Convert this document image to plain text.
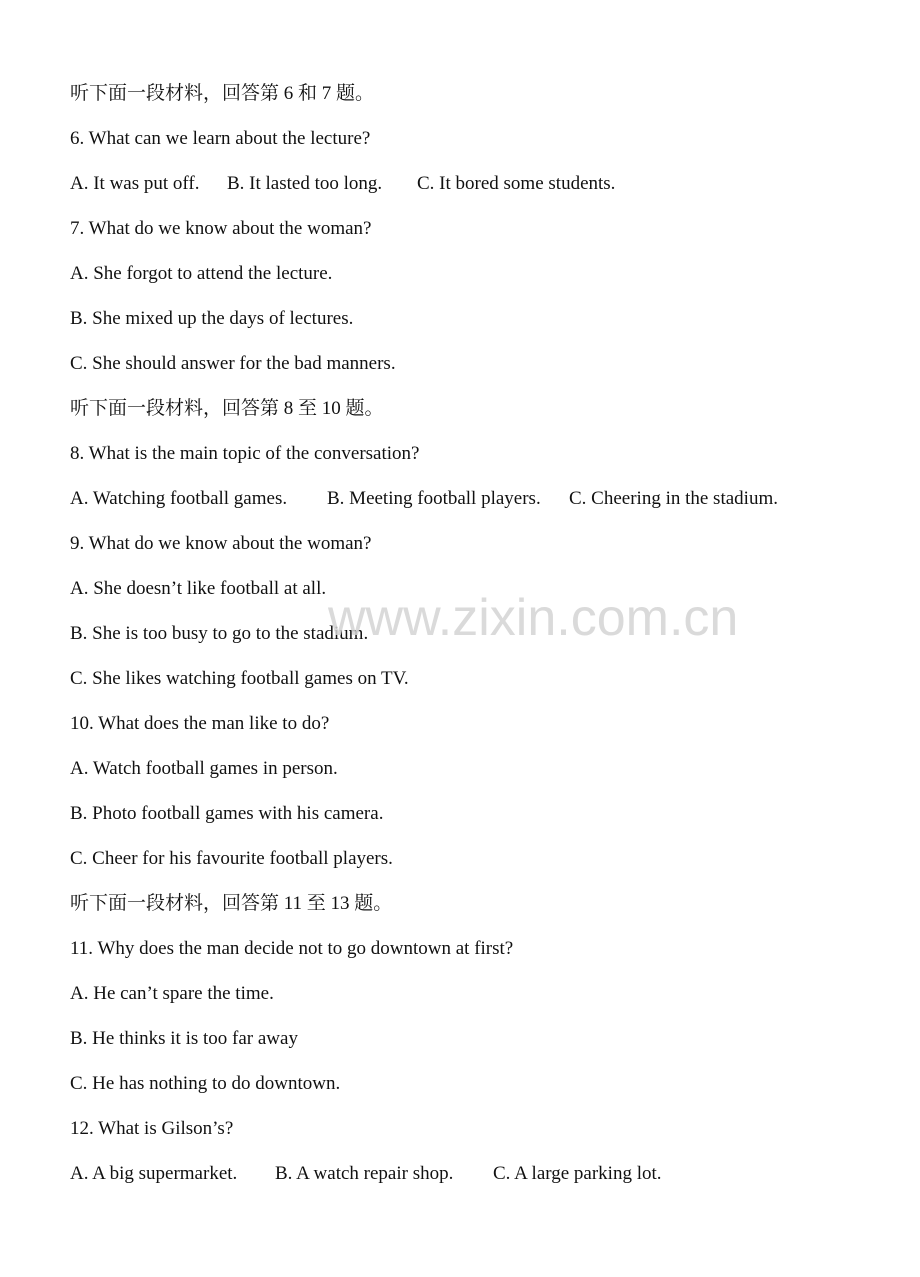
听下面一段材料，回答第 6 和 7 题。
6. What can we learn about the lecture?
A. It was put off.	B. It lasted too long.	C. It bored some students.
7. What do we know about the woman?
A. She forgot to attend the lecture.
B. She mixed up the days of lectures.
C. She should answer for the bad manners.
听下面一段材料，回答第 8 至 10 题。
8. What is the main topic of the conversation?
A. Watching football games.	B. Meeting football players.	C. Cheering in the stadium.
9. What do we know about the woman?
A. She doesn’t like football at all.
B. She is too busy to go to the stadium.
C. She likes watching football games on TV.
10. What does the man like to do?
A. Watch football games in person.
B. Photo football games with his camera.
C. Cheer for his favourite football players.
听下面一段材料，回答第 11 至 13 题。
11. Why does the man decide not to go downtown at first?
A. He can’t spare the time.
B. He thinks it is too far away
C. He has nothing to do downtown.
12. What is Gilson’s?
A. A big supermarket.	B. A watch repair shop.	C. A large parking lot.
www.zixin.com.cn
